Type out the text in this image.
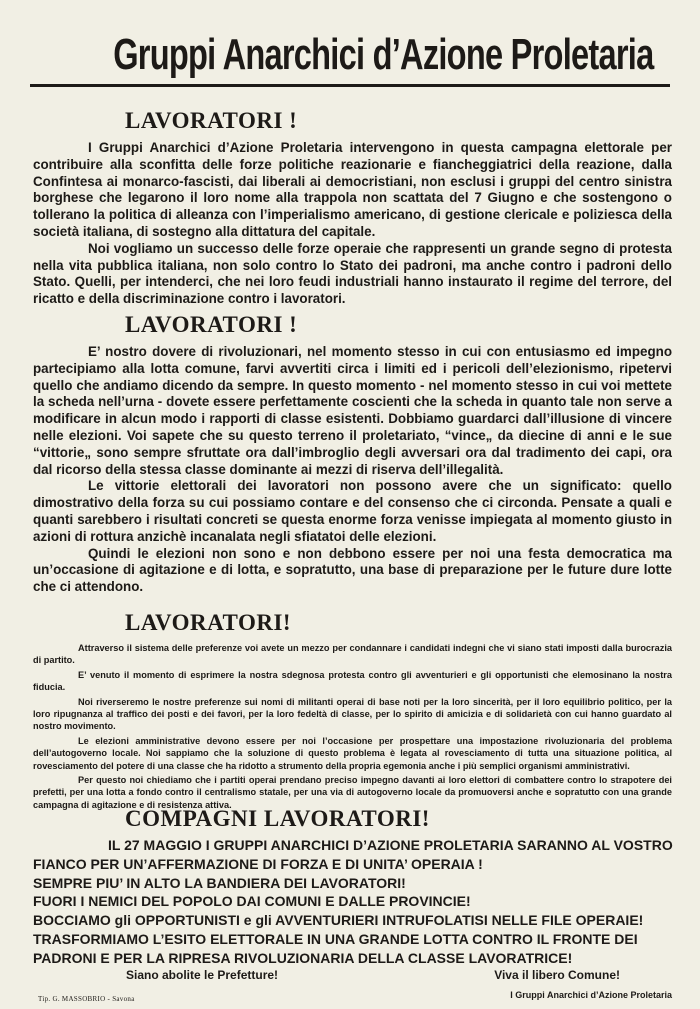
Gruppi Anarchici d’Azione Proletaria
LAVORATORI !

I Gruppi Anarchici d’Azione Proletaria intervengono in questa campagna elettorale per contribuire alla sconfitta delle forze politiche reazionarie e fiancheggiatrici della reazione, dalla Confintesa ai monarco-fascisti, dai liberali ai democristiani, non esclusi i gruppi del centro sinistra borghese che legarono il loro nome alla trappola non scattata del 7 Giugno e che sostengono o tollerano la politica di alleanza con l’imperialismo americano, di gestione clericale e poliziesca della società italiana, di sostegno alla dittatura del capitale.

Noi vogliamo un successo delle forze operaie che rappresenti un grande segno di protesta nella vita pubblica italiana, non solo contro lo Stato dei padroni, ma anche contro i padroni dello Stato. Quelli, per intenderci, che nei loro feudi industriali hanno instaurato il regime del terrore, del ricatto e della discriminazione contro i lavoratori.

LAVORATORI !

E’ nostro dovere di rivoluzionari, nel momento stesso in cui con entusiasmo ed impegno partecipiamo alla lotta comune, farvi avvertiti circa i limiti ed i pericoli dell’elezionismo, ripetervi quello che andiamo dicendo da sempre. In questo momento - nel momento stesso in cui voi mettete la scheda nell’urna - dovete essere perfettamente coscienti che la scheda in quanto tale non serve a modificare in alcun modo i rapporti di classe esistenti. Dobbiamo guardarci dall’illusione di vincere nelle elezioni. Voi sapete che su questo terreno il proletariato, “vince„ da diecine di anni e le sue “vittorie„ sono sempre sfruttate ora dall’imbroglio degli avversari ora dal tradimento dei capi, ora dal ricorso della stessa classe dominante ai mezzi di riserva dell’illegalità.

Le vittorie elettorali dei lavoratori non possono avere che un significato: quello dimostrativo della forza su cui possiamo contare e del consenso che ci circonda. Pensate a quali e quanti sarebbero i risultati concreti se questa enorme forza venisse impiegata al momento giusto in azioni di rottura anzichè incanalata negli sfiatatoi delle elezioni.

Quindi le elezioni non sono e non debbono essere per noi una festa democratica ma un’occasione di agitazione e di lotta, e sopratutto, una base di preparazione per le future dure lotte che ci attendono.

LAVORATORI!

Attraverso il sistema delle preferenze voi avete un mezzo per condannare i candidati indegni che vi siano stati imposti dalla burocrazia di partito.

E’ venuto il momento di esprimere la nostra sdegnosa protesta contro gli avventurieri e gli opportunisti che elemosinano la nostra fiducia.

Noi riverseremo le nostre preferenze sui nomi di militanti operai di base noti per la loro sincerità, per il loro equilibrio politico, per la loro ripugnanza al traffico dei posti e dei favori, per la loro fedeltà di classe, per lo spirito di amicizia e di solidarietà con cui hanno guardato al nostro movimento.

Le elezioni amministrative devono essere per noi l’occasione per prospettare una impostazione rivoluzionaria del problema dell’autogoverno locale. Noi sappiamo che la soluzione di questo problema è legata al rovesciamento di tutta una situazione politica, al rovesciamento del potere di una classe che ha ridotto a strumento della propria egemonia anche i più semplici organismi amministrativi.

Per questo noi chiediamo che i partiti operai prendano preciso impegno davanti ai loro elettori di combattere contro lo strapotere dei prefetti, per una lotta a fondo contro il centralismo statale, per una via di autogoverno locale da promuoversi anche e sopratutto con una grande campagna di agitazione e di resistenza attiva.

COMPAGNI LAVORATORI!

IL 27 MAGGIO I GRUPPI ANARCHICI D’AZIONE PROLETARIA SARANNO AL VOSTRO

FIANCO PER UN’AFFERMAZIONE DI FORZA E DI UNITA’ OPERAIA !

SEMPRE PIU’ IN ALTO LA BANDIERA DEI LAVORATORI!

FUORI I NEMICI DEL POPOLO DAI COMUNI E DALLE PROVINCIE!

BOCCIAMO gli OPPORTUNISTI e gli AVVENTURIERI INTRUFOLATISI NELLE FILE OPERAIE!

TRASFORMIAMO L’ESITO ELETTORALE IN UNA GRANDE LOTTA CONTRO IL FRONTE DEI

PADRONI E PER LA RIPRESA RIVOLUZIONARIA DELLA CLASSE LAVORATRICE!

Siano abolite le Prefetture!	Viva il libero Comune!
Tip. G. MASSOBRIO - Savona	I Gruppi Anarchici d’Azione Proletaria
